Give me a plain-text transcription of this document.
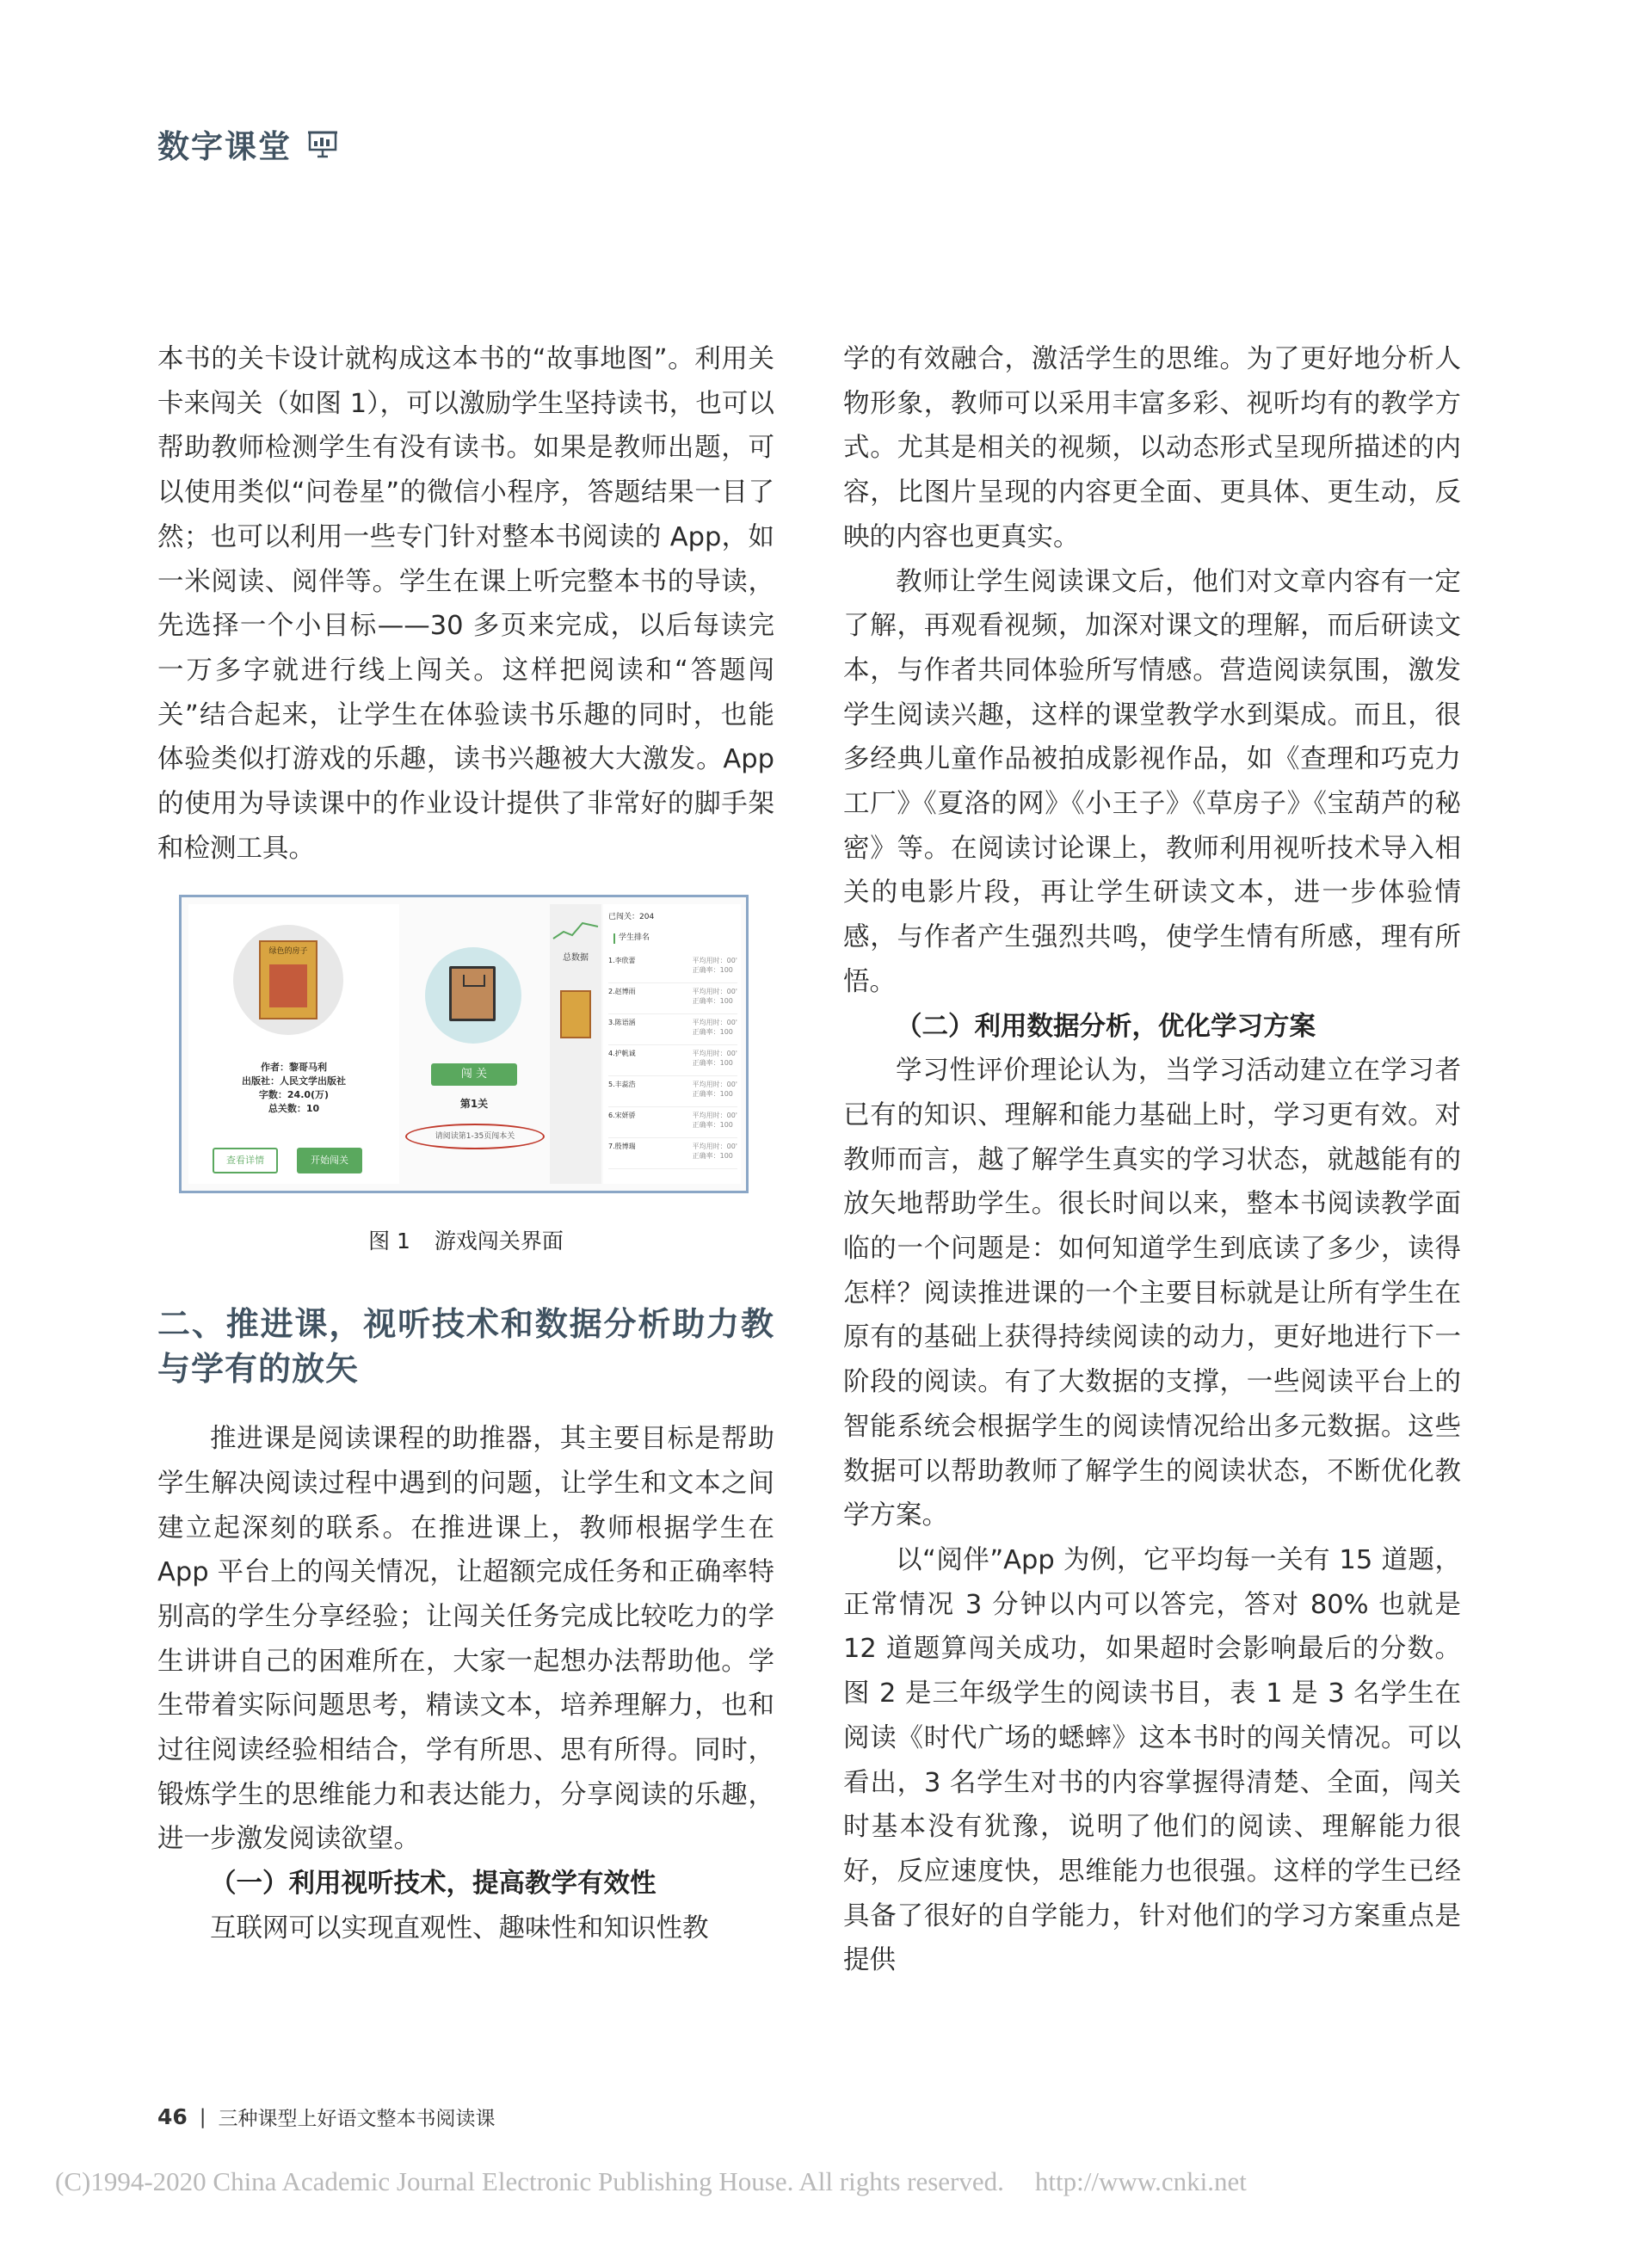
数字课堂

本书的关卡设计就构成这本书的“故事地图”。利用关卡来闯关（如图 1），可以激励学生坚持读书，也可以帮助教师检测学生有没有读书。如果是教师出题，可以使用类似“问卷星”的微信小程序，答题结果一目了然；也可以利用一些专门针对整本书阅读的 App，如一米阅读、阅伴等。学生在课上听完整本书的导读，先选择一个小目标——30 多页来完成，以后每读完一万多字就进行线上闯关。这样把阅读和“答题闯关”结合起来，让学生在体验读书乐趣的同时，也能体验类似打游戏的乐趣，读书兴趣被大大激发。App 的使用为导读课中的作业设计提供了非常好的脚手架和检测工具。

绿色的房子
作者：黎哥马利
出版社：人民文学出版社
字数：24.0(万)
总关数：10
查看详情	开始闯关
闯 关
第1关
请阅读第1-35页闯本关
总数据
已闯关：204
学生排名
1.李欣蕾	平均用时：00'
正确率：100
2.赵博雨	平均用时：00'
正确率：100
3.陈语涵	平均用时：00'
正确率：100
4.护帆诚	平均用时：00'
正确率：100
5.丰蕊浩	平均用时：00'
正确率：100
6.宋妍骄	平均用时：00'
正确率：100
7.殷博瑞	平均用时：00'
正确率：100

图 1 游戏闯关界面

二、推进课，视听技术和数据分析助力教与学有的放矢

推进课是阅读课程的助推器，其主要目标是帮助学生解决阅读过程中遇到的问题，让学生和文本之间建立起深刻的联系。在推进课上，教师根据学生在 App 平台上的闯关情况，让超额完成任务和正确率特别高的学生分享经验；让闯关任务完成比较吃力的学生讲讲自己的困难所在，大家一起想办法帮助他。学生带着实际问题思考，精读文本，培养理解力，也和过往阅读经验相结合，学有所思、思有所得。同时，锻炼学生的思维能力和表达能力，分享阅读的乐趣，进一步激发阅读欲望。

（一）利用视听技术，提高教学有效性

互联网可以实现直观性、趣味性和知识性教

学的有效融合，激活学生的思维。为了更好地分析人物形象，教师可以采用丰富多彩、视听均有的教学方式。尤其是相关的视频，以动态形式呈现所描述的内容，比图片呈现的内容更全面、更具体、更生动，反映的内容也更真实。

教师让学生阅读课文后，他们对文章内容有一定了解，再观看视频，加深对课文的理解，而后研读文本，与作者共同体验所写情感。营造阅读氛围，激发学生阅读兴趣，这样的课堂教学水到渠成。而且，很多经典儿童作品被拍成影视作品，如《查理和巧克力工厂》《夏洛的网》《小王子》《草房子》《宝葫芦的秘密》等。在阅读讨论课上，教师利用视听技术导入相关的电影片段，再让学生研读文本，进一步体验情感，与作者产生强烈共鸣，使学生情有所感，理有所悟。

（二）利用数据分析，优化学习方案

学习性评价理论认为，当学习活动建立在学习者已有的知识、理解和能力基础上时，学习更有效。对教师而言，越了解学生真实的学习状态，就越能有的放矢地帮助学生。很长时间以来，整本书阅读教学面临的一个问题是：如何知道学生到底读了多少，读得怎样？阅读推进课的一个主要目标就是让所有学生在原有的基础上获得持续阅读的动力，更好地进行下一阶段的阅读。有了大数据的支撑，一些阅读平台上的智能系统会根据学生的阅读情况给出多元数据。这些数据可以帮助教师了解学生的阅读状态，不断优化教学方案。

以“阅伴”App 为例，它平均每一关有 15 道题，正常情况 3 分钟以内可以答完，答对 80% 也就是 12 道题算闯关成功，如果超时会影响最后的分数。图 2 是三年级学生的阅读书目，表 1 是 3 名学生在阅读《时代广场的蟋蟀》这本书时的闯关情况。可以看出，3 名学生对书的内容掌握得清楚、全面，闯关时基本没有犹豫，说明了他们的阅读、理解能力很好，反应速度快，思维能力也很强。这样的学生已经具备了很好的自学能力，针对他们的学习方案重点是提供

46 | 三种课型上好语文整本书阅读课
(C)1994-2020 China Academic Journal Electronic Publishing House. All rights reserved. http://www.cnki.net
